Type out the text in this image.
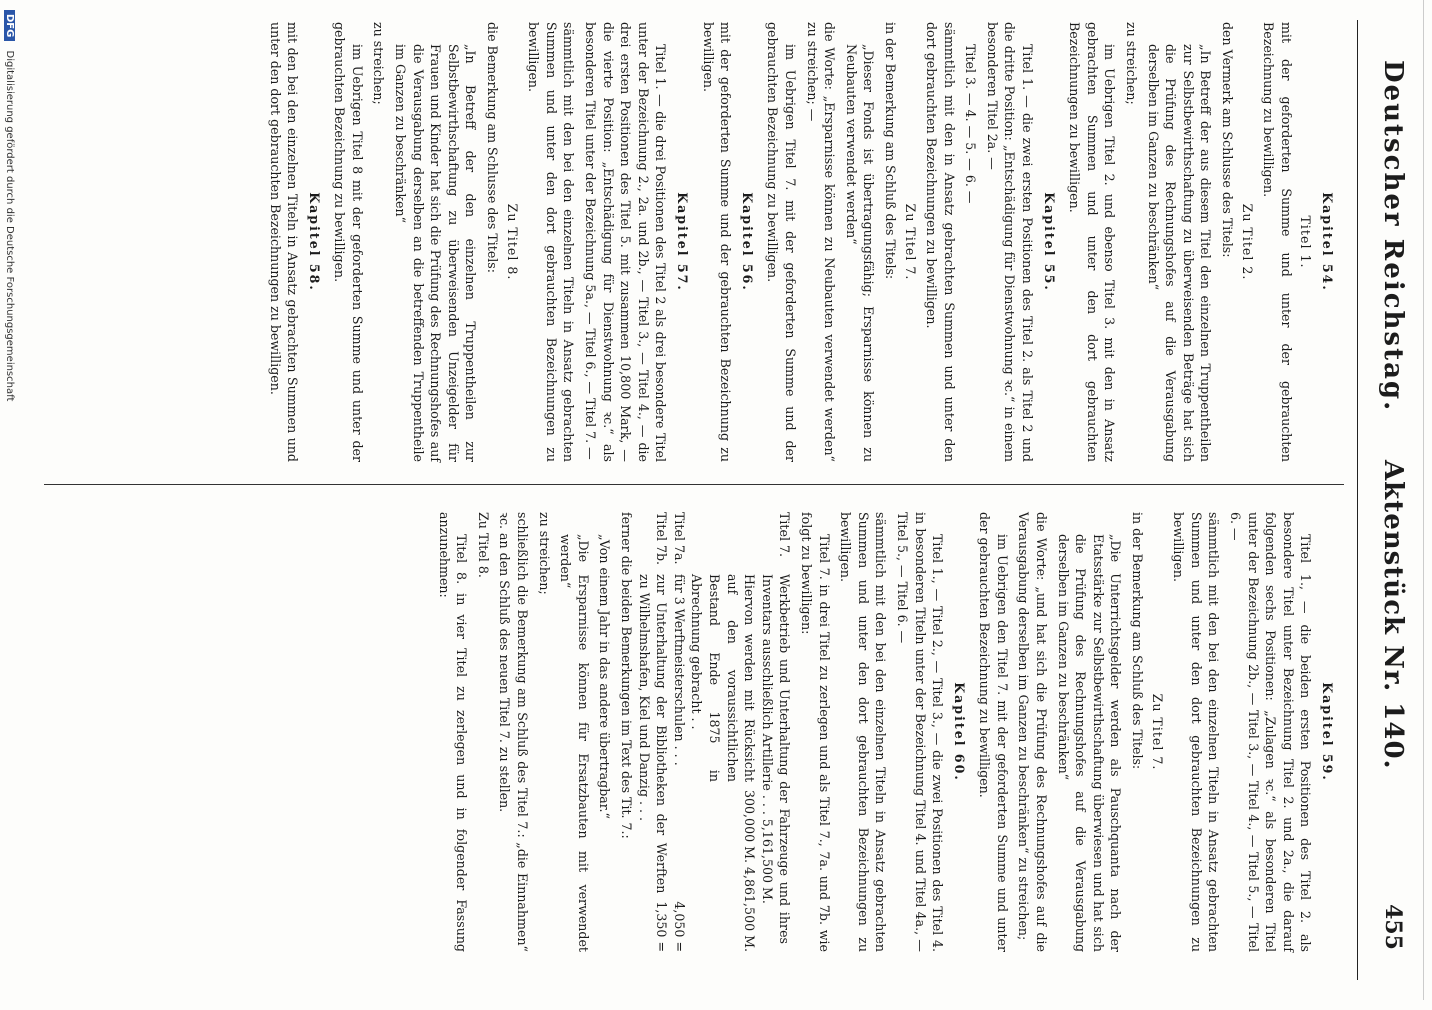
Deutscher Reichstag.
Aktenstück Nr. 140.
455
Kapitel 54.
Titel 1.

mit der geforderten Summe und unter der gebrauchten Bezeichnung zu bewilligen.

Zu Titel 2.

den Vermerk am Schlusse des Titels:

„In Betreff der aus diesem Titel den einzelnen Truppentheilen zur Selbstbewirthschaftung zu überweisenden Beträge hat sich die Prüfung des Rechnungshofes auf die Verausgabung derselben im Ganzen zu beschränken“

zu streichen;

im Uebrigen Titel 2. und ebenso Titel 3. mit den in Ansatz gebrachten Summen und unter den dort gebrauchten Bezeichnungen zu bewilligen.

Kapitel 55.

Titel 1. — die zwei ersten Positionen des Titel 2. als Titel 2 und die dritte Position: „Entschädigung für Dienstwohnung ꝛc.“ in einem besonderen Titel 2a. —

Titel 3. — 4. — 5. — 6. —

sämmtlich mit den in Ansatz gebrachten Summen und unter den dort gebrauchten Bezeichnungen zu bewilligen.

Zu Titel 7.

in der Bemerkung am Schluß des Titels:

„Dieser Fonds ist übertragungsfähig; Ersparnisse können zu Neubauten verwendet werden“

die Worte: „Ersparnisse können zu Neubauten verwendet werden“ zu streichen; —

im Uebrigen Titel 7. mit der geforderten Summe und der gebrauchten Bezeichnung zu bewilligen.

Kapitel 56.

mit der geforderten Summe und der gebrauchten Bezeichnung zu bewilligen.

Kapitel 57.

Titel 1. — die drei Positionen des Titel 2 als drei besondere Titel unter der Bezeichnung 2., 2a. und 2b., — Titel 3., — Titel 4., — die drei ersten Positionen des Titel 5. mit zusammen 10,800 Mark, — die vierte Position: „Entschädigung für Dienstwohnung ꝛc.“ als besonderen Titel unter der Bezeichnung 5a., — Titel 6., — Titel 7. —

sämmtlich mit den bei den einzelnen Titeln in Ansatz gebrachten Summen und unter den dort gebrauchten Bezeichnungen zu bewilligen.

Zu Titel 8.

die Bemerkung am Schlusse des Titels:

„In Betreff der den einzelnen Truppentheilen zur Selbstbewirthschaftung zu überweisenden Unzeigelder für Frauen und Kinder hat sich die Prüfung des Rechnungshofes auf die Verausgabung derselben an die betreffenden Truppentheile im Ganzen zu beschränken“

zu streichen;

im Uebrigen Titel 8 mit der geforderten Summe und unter der gebrauchten Bezeichnung zu bewilligen.

Kapitel 58.

mit den bei den einzelnen Titeln in Ansatz gebrachten Summen und unter den dort gebrauchten Bezeichnungen zu bewilligen.

Kapitel 59.

Titel 1., — die beiden ersten Positionen des Titel 2. als besondere Titel unter Bezeichnung Titel 2. und 2a., die darauf folgenden sechs Positionen: „Zulagen ꝛc.“ als besonderen Titel unter der Bezeichnung 2b., — Titel 3., — Titel 4., — Titel 5., — Titel 6. —

sämmtlich mit den bei den einzelnen Titeln in Ansatz gebrachten Summen und unter den dort gebrauchten Bezeichnungen zu bewilligen.

Zu Titel 7.

in der Bemerkung am Schluß des Titels:

„Die Unterrichtsgelder werden als Pauschquanta nach der Etatsstärke zur Selbstbewirthschaftung überwiesen und hat sich die Prüfung des Rechnungshofes auf die Verausgabung derselben im Ganzen zu beschränken“

die Worte: „und hat sich die Prüfung des Rechnungshofes auf die Verausgabung derselben im Ganzen zu beschränken“ zu streichen;

im Uebrigen den Titel 7. mit der geforderten Summe und unter der gebrauchten Bezeichnung zu bewilligen.

Kapitel 60.

Titel 1., — Titel 2., — Titel 3., — die zwei Positionen des Titel 4. in besonderen Titeln unter der Bezeichnung Titel 4. und Titel 4a., — Titel 5., — Titel 6. —

sämmtlich mit den bei den einzelnen Titeln in Ansatz gebrachten Summen und unter den dort gebrauchten Bezeichnungen zu bewilligen.

Titel 7. in drei Titel zu zerlegen und als Titel 7., 7a. und 7b. wie folgt zu bewilligen:

Titel 7.
Werkbetrieb und Unterhaltung der Fahrzeuge und ihres Inventars ausschließlich Artillerie . . . 5,161,500 M.
Hiervon werden mit Rücksicht auf den voraussichtlichen Bestand Ende 1875 in Abrechnung gebracht . .
300,000 M. 4,861,500 M.
Titel 7a.
für 3 Werftmeisterschulen . . .
4,050 =
Titel 7b.
zur Unterhaltung der Bibliotheken der Werften zu Wilhelmshafen, Kiel und Danzig . . .
1,350 =

ferner die beiden Bemerkungen im Text des Tit. 7.:

„Von einem Jahr in das andere übertragbar.“

„Die Ersparnisse können für Ersatzbauten mit verwendet werden“

zu streichen;

schließlich die Bemerkung am Schluß des Titel 7.: „die Einnahmen“ ꝛc. an den Schluß des neuen Titel 7. zu stellen.

Zu Titel 8.

Titel 8. in vier Titel zu zerlegen und in folgender Fassung anzunehmen:

DFG Digitalisierung gefördert durch die Deutsche Forschungsgemeinschaft
